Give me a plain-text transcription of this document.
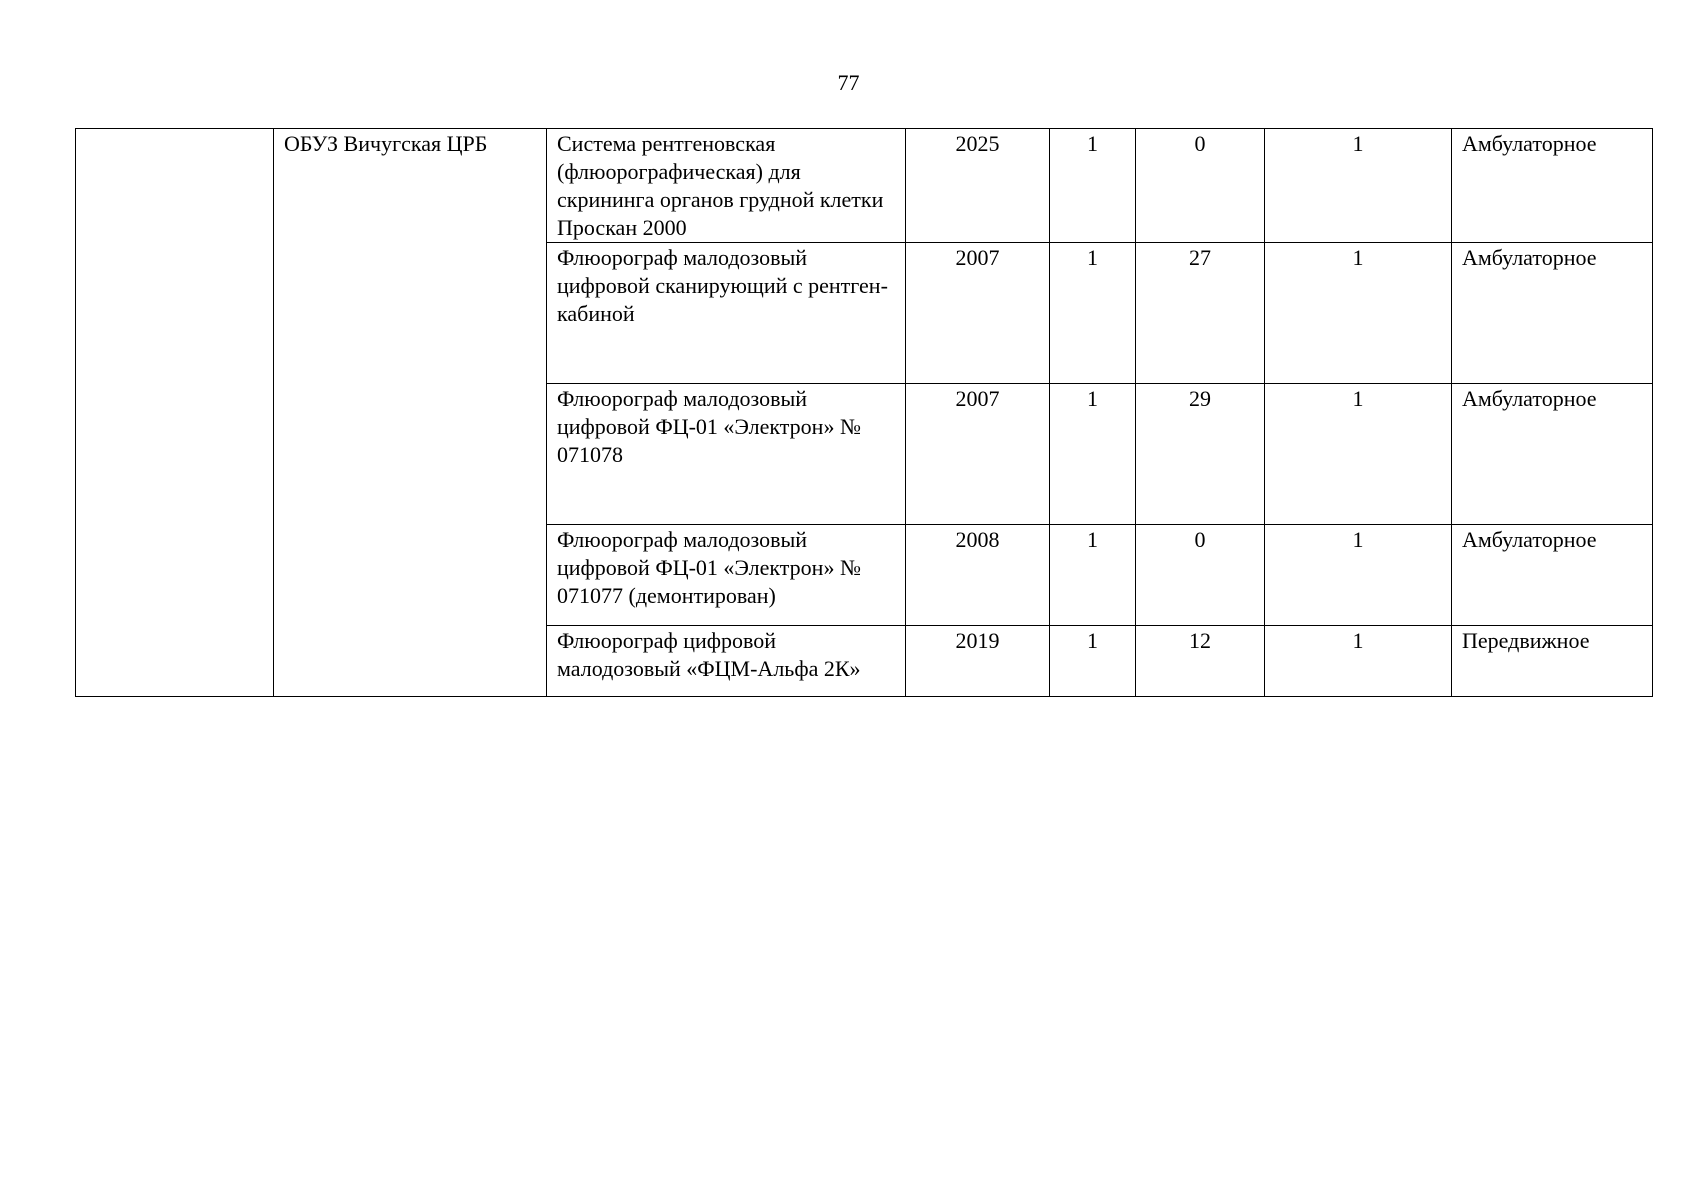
77
	ОБУЗ Вичугская ЦРБ	Система рентгеновская (флюорографическая) для скрининга органов грудной клетки Проскан 2000	2025	1	0	1	Амбулаторное
		Флюорограф малодозовый цифровой сканирующий с рентген-кабиной	2007	1	27	1	Амбулаторное
		Флюорограф малодозовый цифровой ФЦ-01 «Электрон» № 071078	2007	1	29	1	Амбулаторное
		Флюорограф малодозовый цифровой ФЦ-01 «Электрон» № 071077 (демонтирован)	2008	1	0	1	Амбулаторное
		Флюорограф цифровой малодозовый «ФЦМ-Альфа 2К»	2019	1	12	1	Передвижное
